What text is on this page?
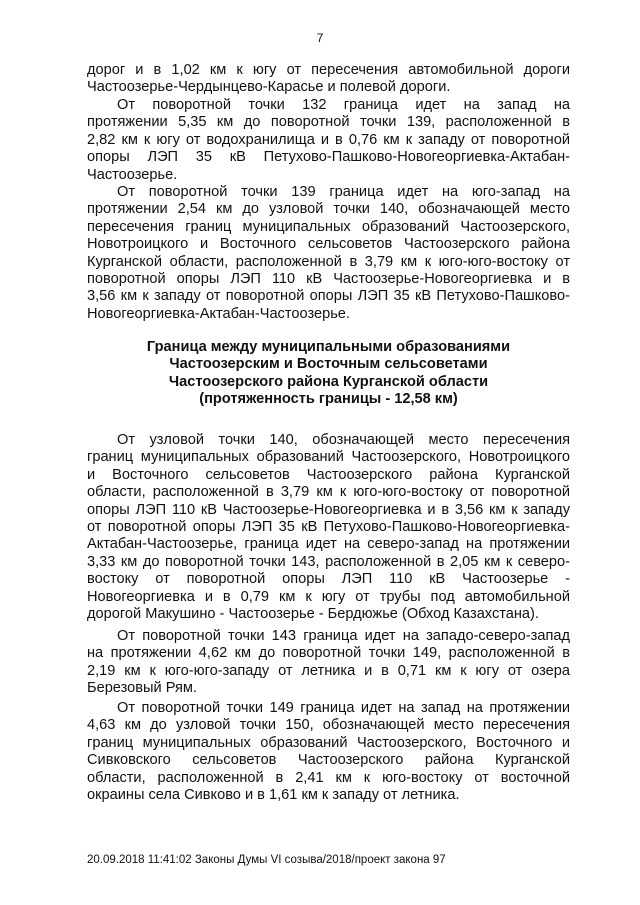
7
дорог и в 1,02 км к югу от пересечения автомобильной дороги
Частоозерье-Чердынцево-Карасье и полевой дороги.
От поворотной точки 132 граница идет на запад на
протяжении 5,35 км до поворотной точки 139, расположенной в
2,82 км к югу от водохранилища и в 0,76 км к западу от поворотной
опоры ЛЭП 35 кВ Петухово-Пашково-Новогеоргиевка-Актабан-
Частоозерье.
От поворотной точки 139 граница идет на юго-запад на
протяжении 2,54 км до узловой точки 140, обозначающей место
пересечения границ муниципальных образований Частоозерского,
Новотроицкого и Восточного сельсоветов Частоозерского района
Курганской области, расположенной в 3,79 км к юго-юго-востоку от
поворотной опоры ЛЭП 110 кВ Частоозерье-Новогеоргиевка и в
3,56 км к западу от поворотной опоры ЛЭП 35 кВ Петухово-Пашково-
Новогеоргиевка-Актабан-Частоозерье.
Граница между муниципальными образованиями
Частоозерским и Восточным сельсоветами
Частоозерского района Курганской области
(протяженность границы - 12,58 км)
От узловой точки 140, обозначающей место пересечения
границ муниципальных образований Частоозерского, Новотроицкого
и Восточного сельсоветов Частоозерского района Курганской
области, расположенной в 3,79 км к юго-юго-востоку от поворотной
опоры ЛЭП 110 кВ Частоозерье-Новогеоргиевка и в 3,56 км к западу
от поворотной опоры ЛЭП 35 кВ Петухово-Пашково-Новогеоргиевка-
Актабан-Частоозерье, граница идет на северо-запад на протяжении
3,33 км до поворотной точки 143, расположенной в 2,05 км к северо-
востоку от поворотной опоры ЛЭП 110 кВ Частоозерье -
Новогеоргиевка и в 0,79 км к югу от трубы под автомобильной
дорогой Макушино - Частоозерье - Бердюжье (Обход Казахстана).
От поворотной точки 143 граница идет на западо-северо-запад
на протяжении 4,62 км до поворотной точки 149, расположенной в
2,19 км к юго-юго-западу от летника и в 0,71 км к югу от озера
Березовый Рям.
От поворотной точки 149 граница идет на запад на протяжении
4,63 км до узловой точки 150, обозначающей место пересечения
границ муниципальных образований Частоозерского, Восточного и
Сивковского сельсоветов Частоозерского района Курганской
области, расположенной в 2,41 км к юго-востоку от восточной
окраины села Сивково и в 1,61 км к западу от летника.
20.09.2018 11:41:02 Законы Думы VI созыва/2018/проект закона 97
